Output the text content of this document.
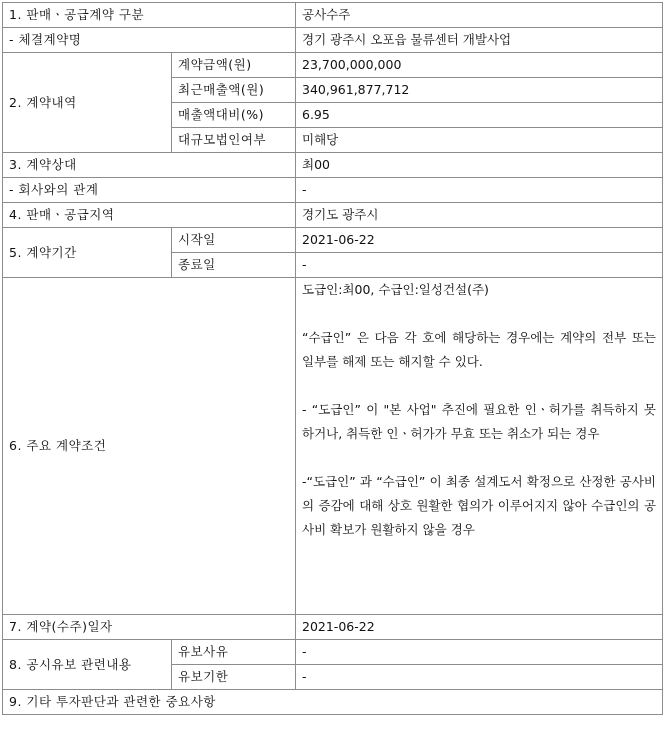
1. 판매ㆍ공급계약 구분		공사수주
- 체결계약명		경기 광주시 오포읍 물류센터 개발사업
2. 계약내역	계약금액(원)	23,700,000,000
	최근매출액(원)	340,961,877,712
	매출액대비(%)	6.95
	대규모법인여부	미해당
3. 계약상대		최00
- 회사와의 관계		-
4. 판매ㆍ공급지역		경기도 광주시
5. 계약기간	시작일	2021-06-22
	종료일	-
6. 주요 계약조건		도급인:최00, 수급인:일성건설(주)

“수급인” 은 다음 각 호에 해당하는 경우에는 계약의 전부 또는 일부를 해제 또는 해지할 수 있다.

- “도급인” 이 "본 사업" 추진에 필요한 인ㆍ허가를 취득하지 못하거나, 취득한 인ㆍ허가가 무효 또는 취소가 되는 경우

-“도급인” 과 “수급인” 이 최종 설계도서 확정으로 산정한 공사비의 증감에 대해 상호 원활한 협의가 이루어지지 않아 수급인의 공사비 확보가 원활하지 않을 경우

7. 계약(수주)일자		2021-06-22
8. 공시유보 관련내용	유보사유	-
	유보기한	-
9. 기타 투자판단과 관련한 중요사항		
